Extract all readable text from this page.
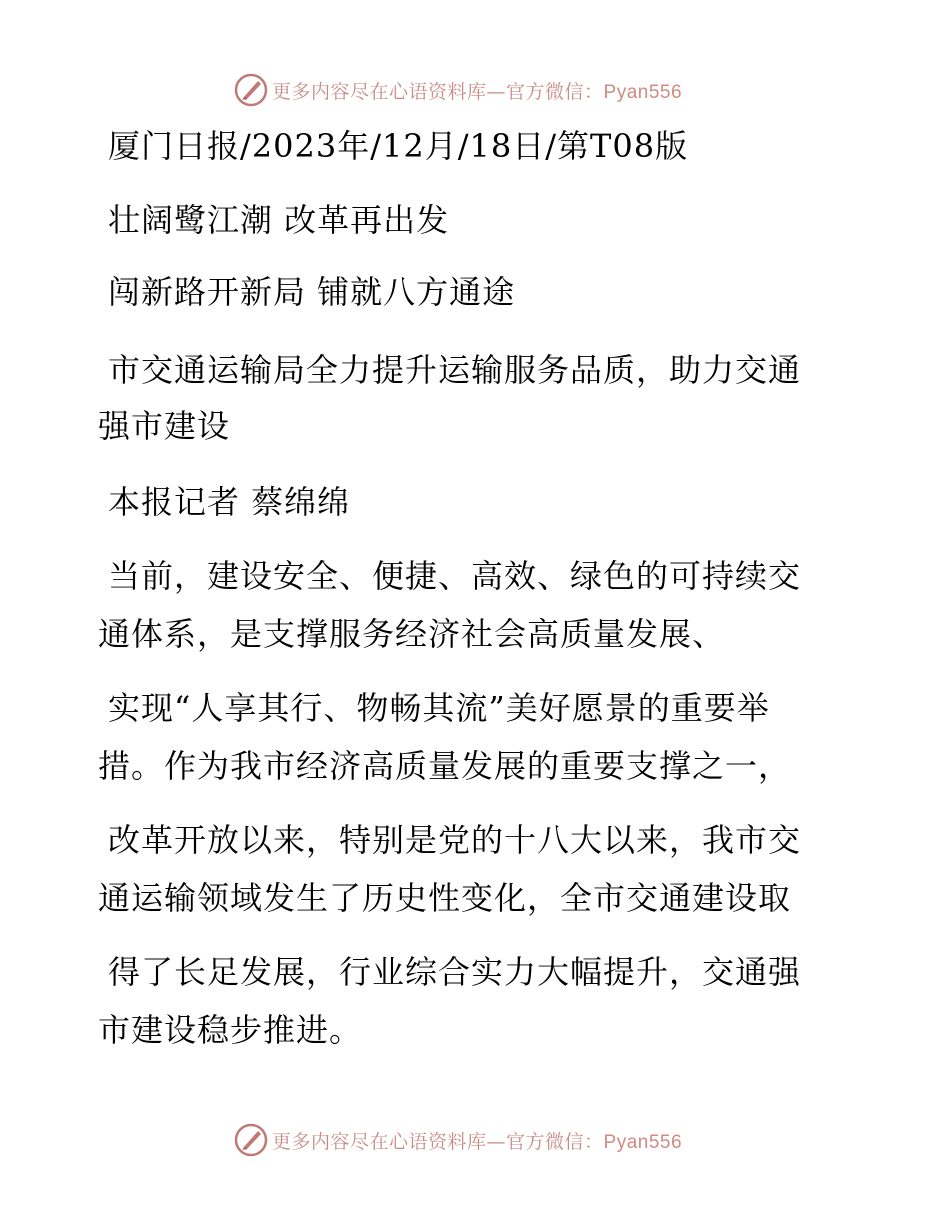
更多内容尽在心语资料库—官方微信：Pyan556
厦门日报/2023年/12月/18日/第T08版
壮阔鹭江潮 改革再出发
闯新路开新局 铺就八方通途
市交通运输局全力提升运输服务品质，助力交通
强市建设
本报记者 蔡绵绵
当前，建设安全、便捷、高效、绿色的可持续交
通体系，是支撑服务经济社会高质量发展、
实现“人享其行、物畅其流”美好愿景的重要举
措。作为我市经济高质量发展的重要支撑之一，
改革开放以来，特别是党的十八大以来，我市交
通运输领域发生了历史性变化，全市交通建设取
得了长足发展，行业综合实力大幅提升，交通强
市建设稳步推进。
更多内容尽在心语资料库—官方微信：Pyan556
